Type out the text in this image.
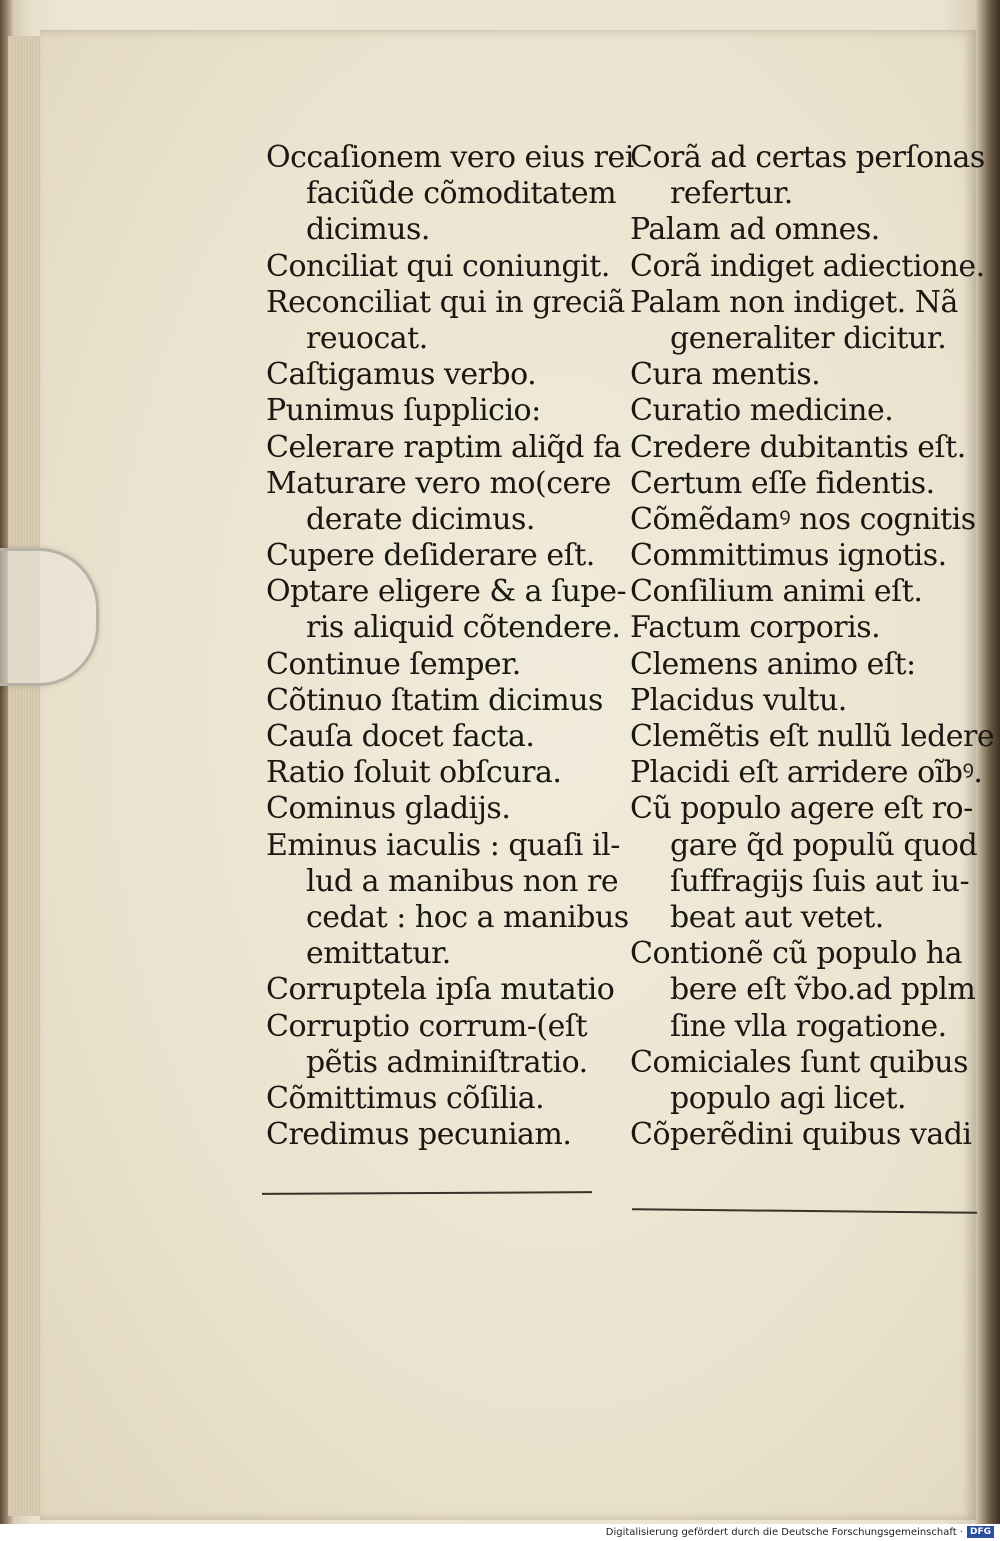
Occaſionem vero eius rei
faciũde cõmoditatem
dicimus.
Conciliat qui coniungit.
Reconciliat qui in greciã
reuocat.
Caſtigamus verbo.
Punimus ſupplicio:
Celerare raptim aliq̃d fa
Maturare vero mo(cere
derate dicimus.
Cupere deſiderare eſt.
Optare eligere & a ſupe-
ris aliquid cõtendere.
Continue ſemper.
Cõtinuo ſtatim dicimus
Cauſa docet facta.
Ratio ſoluit obſcura.
Cominus gladijs.
Eminus iaculis : quaſi il-
lud a manibus non re
cedat : hoc a manibus
emittatur.
Corruptela ipſa mutatio
Corruptio corrum-(eſt
pẽtis adminiſtratio.
Cõmittimus cõſilia.
Credimus pecuniam.
Corã ad certas perſonas
refertur.
Palam ad omnes.
Corã indiget adiectione.
Palam non indiget. Nã
generaliter dicitur.
Cura mentis.
Curatio medicine.
Credere dubitantis eſt.
Certum eſſe fidentis.
Cõmẽdamꝰ nos cognitis
Committimus ignotis.
Conſilium animi eſt.
Factum corporis.
Clemens animo eſt:
Placidus vultu.
Clemẽtis eſt nullũ ledere
Placidi eſt arridere oĩbꝰ.
Cũ populo agere eſt ro-
gare q̃d populũ quod
ſuffragijs ſuis aut iu-
beat aut vetet.
Contionẽ cũ populo ha
bere eſt ṽbo.ad pplm
ſine vlla rogatione.
Comiciales ſunt quibus
populo agi licet.
Cõperẽdini quibus vadi
Digitalisierung gefördert durch die Deutsche Forschungsgemeinschaft · DFG
